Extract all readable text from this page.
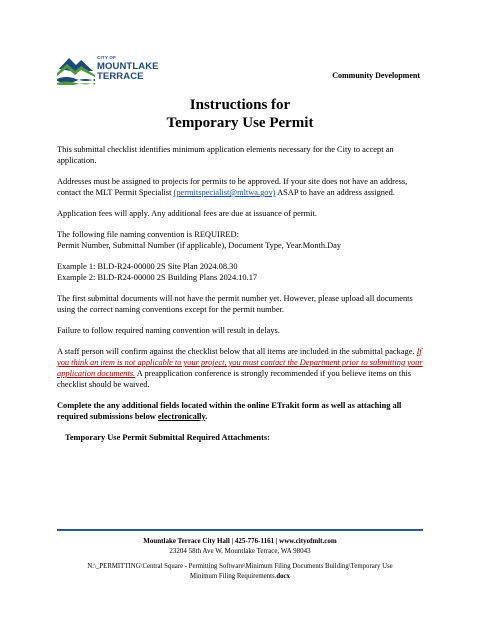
CITY OF
MOUNTLAKE
TERRACE	Community Development
Instructions for
Temporary Use Permit

This submittal checklist identifies minimum application elements necessary for the City to accept an application.

Addresses must be assigned to projects for permits to be approved. If your site does not have an address, contact the MLT Permit Specialist (permitspecialist@mltwa.gov) ASAP to have an address assigned.

Application fees will apply. Any additional fees are due at issuance of permit.

The following file naming convention is REQUIRED:
Permit Number, Submittal Number (if applicable), Document Type, Year.Month.Day

Example 1: BLD-R24-00000 2S Site Plan 2024.08.30
Example 2: BLD-R24-00000 2S Building Plans 2024.10.17

The first submittal documents will not have the permit number yet. However, please upload all documents using the correct naming conventions except for the permit number.

Failure to follow required naming convention will result in delays.

A staff person will confirm against the checklist below that all items are included in the submittal package. If you think an item is not applicable to your project, you must contact the Department prior to submitting your application documents. A preapplication conference is strongly recommended if you believe items on this checklist should be waived.

Complete the any additional fields located within the online ETrakit form as well as attaching all required submissions below electronically.

Temporary Use Permit Submittal Required Attachments:

Mountlake Terrace City Hall | 425-776-1161 | www.cityofmlt.com
23204 58th Ave W, Mountlake Terrace, WA 98043
N:\_PERMITTING\Central Square - Permitting Software\Minimum Filing Documents Building\Temporary Use
Minimum Filing Requirements.docx
